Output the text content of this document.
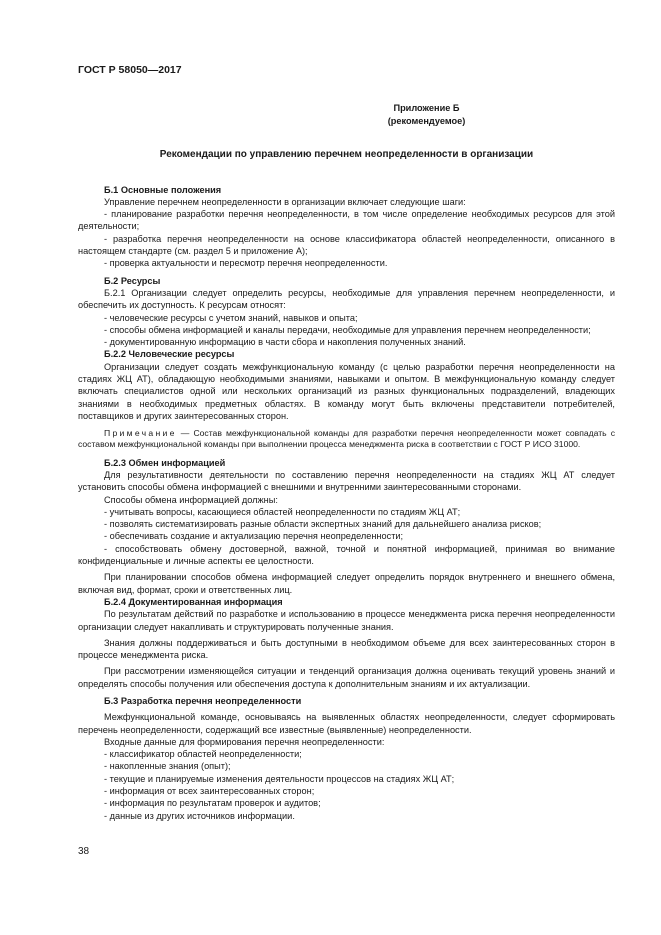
ГОСТ Р 58050—2017
Приложение Б
(рекомендуемое)
Рекомендации по управлению перечнем неопределенности в организации
Б.1 Основные положения

Управление перечнем неопределенности в организации включает следующие шаги:

- планирование разработки перечня неопределенности, в том числе определение необходимых ресурсов для этой деятельности;

- разработка перечня неопределенности на основе классификатора областей неопределенности, описанного в настоящем стандарте (см. раздел 5 и приложение А);

- проверка актуальности и пересмотр перечня неопределенности.

Б.2 Ресурсы

Б.2.1 Организации следует определить ресурсы, необходимые для управления перечнем неопределенности, и обеспечить их доступность. К ресурсам относят:

- человеческие ресурсы с учетом знаний, навыков и опыта;

- способы обмена информацией и каналы передачи, необходимые для управления перечнем неопределенности;

- документированную информацию в части сбора и накопления полученных знаний.

Б.2.2 Человеческие ресурсы

Организации следует создать межфункциональную команду (с целью разработки перечня неопределенности на стадиях ЖЦ АТ), обладающую необходимыми знаниями, навыками и опытом. В межфункциональную команду следует включать специалистов одной или нескольких организаций из разных функциональных подразделений, владеющих знаниями в необходимых предметных областях. В команду могут быть включены представители потребителей, поставщиков и других заинтересованных сторон.

Примечание — Состав межфункциональной команды для разработки перечня неопределенности может совпадать с составом межфункциональной команды при выполнении процесса менеджмента риска в соответствии с ГОСТ Р ИСО 31000.

Б.2.3 Обмен информацией

Для результативности деятельности по составлению перечня неопределенности на стадиях ЖЦ АТ следует установить способы обмена информацией с внешними и внутренними заинтересованными сторонами.

Способы обмена информацией должны:

- учитывать вопросы, касающиеся областей неопределенности по стадиям ЖЦ АТ;

- позволять систематизировать разные области экспертных знаний для дальнейшего анализа рисков;

- обеспечивать создание и актуализацию перечня неопределенности;

- способствовать обмену достоверной, важной, точной и понятной информацией, принимая во внимание конфиденциальные и личные аспекты ее целостности.

При планировании способов обмена информацией следует определить порядок внутреннего и внешнего обмена, включая вид, формат, сроки и ответственных лиц.

Б.2.4 Документированная информация

По результатам действий по разработке и использованию в процессе менеджмента риска перечня неопределенности организации следует накапливать и структурировать полученные знания.

Знания должны поддерживаться и быть доступными в необходимом объеме для всех заинтересованных сторон в процессе менеджмента риска.

При рассмотрении изменяющейся ситуации и тенденций организация должна оценивать текущий уровень знаний и определять способы получения или обеспечения доступа к дополнительным знаниям и их актуализации.

Б.3 Разработка перечня неопределенности

Межфункциональной команде, основываясь на выявленных областях неопределенности, следует сформировать перечень неопределенности, содержащий все известные (выявленные) неопределенности.

Входные данные для формирования перечня неопределенности:

- классификатор областей неопределенности;

- накопленные знания (опыт);

- текущие и планируемые изменения деятельности процессов на стадиях ЖЦ АТ;

- информация от всех заинтересованных сторон;

- информация по результатам проверок и аудитов;

- данные из других источников информации.

38
